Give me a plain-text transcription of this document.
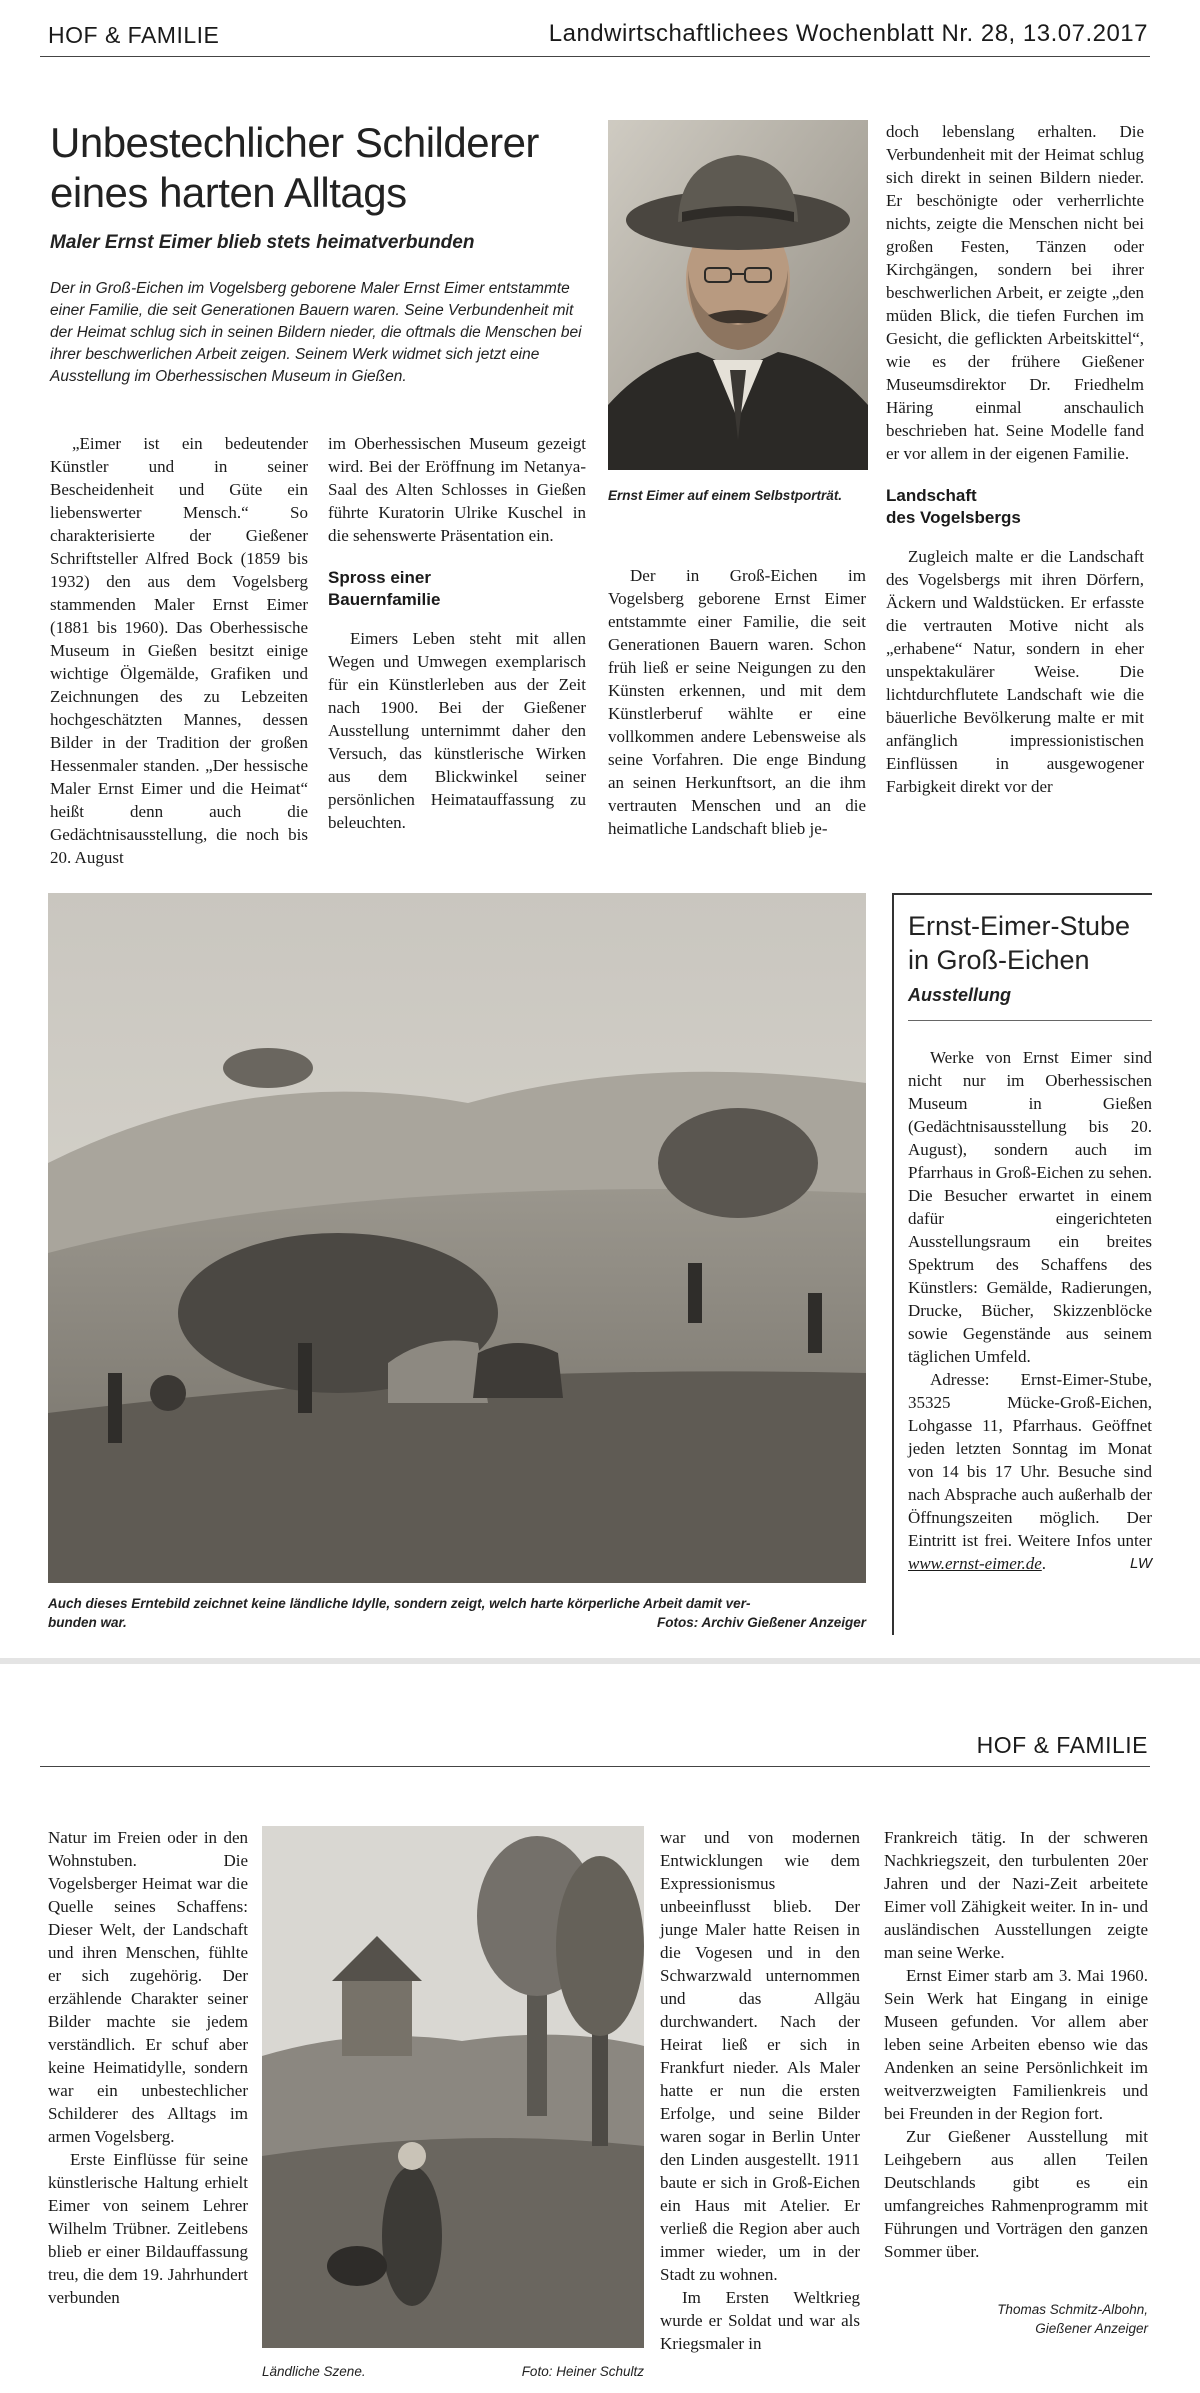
HOF & FAMILIE	Landwirtschaftlichees Wochenblatt Nr. 28, 13.07.2017
Unbestechlicher Schilderer
eines harten Alltags
Maler Ernst Eimer blieb stets heimatverbunden
Der in Groß-Eichen im Vogelsberg geborene Maler Ernst Eimer entstammte einer Familie, die seit Generationen Bauern waren. Seine Verbundenheit mit der Heimat schlug sich in seinen Bildern nieder, die oftmals die Menschen bei ihrer beschwerlichen Arbeit zeigen. Seinem Werk widmet sich jetzt eine Ausstellung im Oberhessischen Museum in Gießen.

„Eimer ist ein bedeutender Künstler und in seiner Bescheidenheit und Güte ein liebenswerter Mensch.“ So charakterisierte der Gießener Schriftsteller Alfred Bock (1859 bis 1932) den aus dem Vogelsberg stammenden Maler Ernst Eimer (1881 bis 1960). Das Oberhessische Museum in Gießen besitzt einige wichtige Ölgemälde, Grafiken und Zeichnungen des zu Lebzeiten hochgeschätzten Mannes, dessen Bilder in der Tradition der großen Hessenmaler standen. „Der hessische Maler Ernst Eimer und die Heimat“ heißt denn auch die Gedächtnisausstellung, die noch bis 20. August

im Oberhessischen Museum gezeigt wird. Bei der Eröffnung im Netanya-Saal des Alten Schlosses in Gießen führte Kuratorin Ulrike Kuschel in die sehenswerte Präsentation ein.

Spross einer
Bauernfamilie

Eimers Leben steht mit allen Wegen und Umwegen exemplarisch für ein Künstlerleben aus der Zeit nach 1900. Bei der Gießener Ausstellung unternimmt daher den Versuch, das künstlerische Wirken aus dem Blickwinkel seiner persönlichen Heimatauffassung zu beleuchten.

Ernst Eimer auf einem Selbstporträt.

Der in Groß-Eichen im Vogelsberg geborene Ernst Eimer entstammte einer Familie, die seit Generationen Bauern waren. Schon früh ließ er seine Neigungen zu den Künsten erkennen, und mit dem Künstlerberuf wählte er eine vollkommen andere Lebensweise als seine Vorfahren. Die enge Bindung an seinen Herkunftsort, an die ihm vertrauten Menschen und an die heimatliche Landschaft blieb je-

doch lebenslang erhalten. Die Verbundenheit mit der Heimat schlug sich direkt in seinen Bildern nieder. Er beschönigte oder verherrlichte nichts, zeigte die Menschen nicht bei großen Festen, Tänzen oder Kirchgängen, sondern bei ihrer beschwerlichen Arbeit, er zeigte „den müden Blick, die tiefen Furchen im Gesicht, die geflickten Arbeitskittel“, wie es der frühere Gießener Museumsdirektor Dr. Friedhelm Häring einmal anschaulich beschrieben hat. Seine Modelle fand er vor allem in der eigenen Familie.

Landschaft
des Vogelsbergs

Zugleich malte er die Landschaft des Vogelsbergs mit ihren Dörfern, Äckern und Waldstücken. Er erfasste die vertrauten Motive nicht als „erhabene“ Natur, sondern in eher unspektakulärer Weise. Die lichtdurchflutete Landschaft wie die bäuerliche Bevölkerung malte er mit anfänglich impressionistischen Einflüssen in ausgewogener Farbigkeit direkt vor der

Auch dieses Erntebild zeichnet keine ländliche Idylle, sondern zeigt, welch harte körperliche Arbeit damit ver-
bunden war.	Fotos: Archiv Gießener Anzeiger
Ernst-Eimer-Stube
in Groß-Eichen
Ausstellung

Werke von Ernst Eimer sind nicht nur im Oberhessischen Museum in Gießen (Gedächtnisausstellung bis 20. August), sondern auch im Pfarrhaus in Groß-Eichen zu sehen. Die Besucher erwartet in einem dafür eingerichteten Ausstellungsraum ein breites Spektrum des Schaffens des Künstlers: Gemälde, Radierungen, Drucke, Bücher, Skizzenblöcke sowie Gegenstände aus seinem täglichen Umfeld.

Adresse: Ernst-Eimer-Stube, 35325 Mücke-Groß-Eichen, Lohgasse 11, Pfarrhaus. Geöffnet jeden letzten Sonntag im Monat von 14 bis 17 Uhr. Besuche sind nach Absprache auch außerhalb der Öffnungszeiten möglich. Der Eintritt ist frei. Weitere Infos unter www.ernst-eimer.de.	LW

HOF & FAMILIE

Natur im Freien oder in den Wohnstuben. Die Vogelsberger Heimat war die Quelle seines Schaffens: Dieser Welt, der Landschaft und ihren Menschen, fühlte er sich zugehörig. Der erzählende Charakter seiner Bilder machte sie jedem verständlich. Er schuf aber keine Heimatidylle, sondern war ein unbestechlicher Schilderer des Alltags im armen Vogelsberg.

Erste Einflüsse für seine künstlerische Haltung erhielt Eimer von seinem Lehrer Wilhelm Trübner. Zeitlebens blieb er einer Bildauffassung treu, die dem 19. Jahrhundert verbunden

Ländliche Szene.	Foto: Heiner Schultz

war und von modernen Entwicklungen wie dem Expressionismus unbeeinflusst blieb. Der junge Maler hatte Reisen in die Vogesen und in den Schwarzwald unternommen und das Allgäu durchwandert. Nach der Heirat ließ er sich in Frankfurt nieder. Als Maler hatte er nun die ersten Erfolge, und seine Bilder waren sogar in Berlin Unter den Linden ausgestellt. 1911 baute er sich in Groß-Eichen ein Haus mit Atelier. Er verließ die Region aber auch immer wieder, um in der Stadt zu wohnen.

Im Ersten Weltkrieg wurde er Soldat und war als Kriegsmaler in

Frankreich tätig. In der schweren Nachkriegszeit, den turbulenten 20er Jahren und der Nazi-Zeit arbeitete Eimer voll Zähigkeit weiter. In in- und ausländischen Ausstellungen zeigte man seine Werke.

Ernst Eimer starb am 3. Mai 1960. Sein Werk hat Eingang in einige Museen gefunden. Vor allem aber leben seine Arbeiten ebenso wie das Andenken an seine Persönlichkeit im weitverzweigten Familienkreis und bei Freunden in der Region fort.

Zur Gießener Ausstellung mit Leihgebern aus allen Teilen Deutschlands gibt es ein umfangreiches Rahmenprogramm mit Führungen und Vorträgen den ganzen Sommer über.

Thomas Schmitz-Albohn,
Gießener Anzeiger
